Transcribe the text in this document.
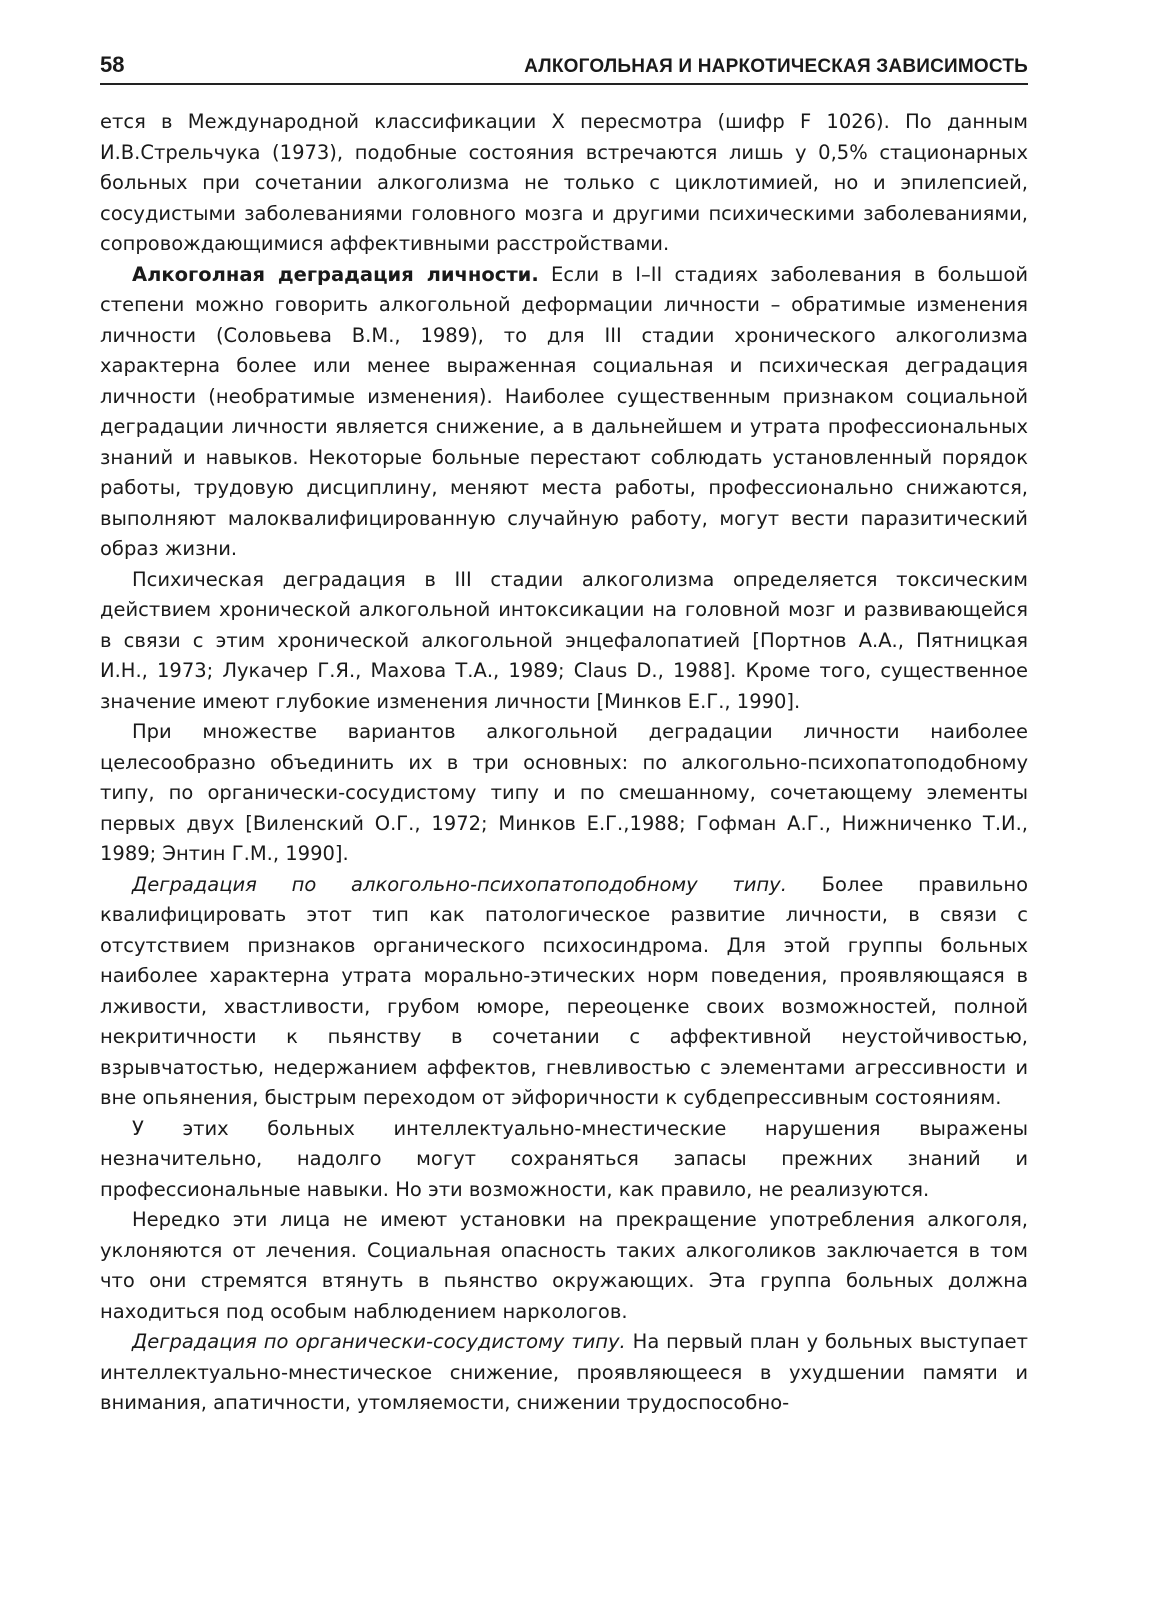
58	АЛКОГОЛЬНАЯ И НАРКОТИЧЕСКАЯ ЗАВИСИМОСТЬ

ется в Международной классификации X пересмотра (шифр F 1026). По данным И.В.Стрельчука (1973), подобные состояния встречаются лишь у 0,5% стационарных больных при сочетании алкоголизма не только с циклотимией, но и эпилепсией, сосудистыми заболеваниями головного мозга и другими психическими заболеваниями, сопровождающимися аффективными расстройствами.

Алкоголная деградация личности. Если в I–II стадиях заболевания в большой степени можно говорить алкогольной деформации личности – обратимые изменения личности (Соловьева В.М., 1989), то для III стадии хронического алкоголизма характерна более или менее выраженная социальная и психическая деградация личности (необратимые изменения). Наиболее существенным признаком социальной деградации личности является снижение, а в дальнейшем и утрата профессиональных знаний и навыков. Некоторые больные перестают соблюдать установленный порядок работы, трудовую дисциплину, меняют места работы, профессионально снижаются, выполняют малоквалифицированную случайную работу, могут вести паразитический образ жизни.

Психическая деградация в III стадии алкоголизма определяется токсическим действием хронической алкогольной интоксикации на головной мозг и развивающейся в связи с этим хронической алкогольной энцефалопатией [Портнов А.А., Пятницкая И.Н., 1973; Лукачер Г.Я., Махова Т.А., 1989; Claus D., 1988]. Кроме того, существенное значение имеют глубокие изменения личности [Минков Е.Г., 1990].

При множестве вариантов алкогольной деградации личности наиболее целесообразно объединить их в три основных: по алкогольно-психопатоподобному типу, по органически-сосудистому типу и по смешанному, сочетающему элементы первых двух [Виленский О.Г., 1972; Минков Е.Г.,1988; Гофман А.Г., Нижниченко Т.И., 1989; Энтин Г.М., 1990].

Деградация по алкогольно-психопатоподобному типу. Более правильно квалифицировать этот тип как патологическое развитие личности, в связи с отсутствием признаков органического психосиндрома. Для этой группы больных наиболее характерна утрата морально-этических норм поведения, проявляющаяся в лживости, хвастливости, грубом юморе, переоценке своих возможностей, полной некритичности к пьянству в сочетании с аффективной неустойчивостью, взрывчатостью, недержанием аффектов, гневливостью с элементами агрессивности и вне опьянения, быстрым переходом от эйфоричности к субдепрессивным состояниям.

У этих больных интеллектуально-мнестические нарушения выражены незначительно, надолго могут сохраняться запасы прежних знаний и профессиональные навыки. Но эти возможности, как правило, не реализуются.

Нередко эти лица не имеют установки на прекращение употребления алкоголя, уклоняются от лечения. Социальная опасность таких алкоголиков заключается в том что они стремятся втянуть в пьянство окружающих. Эта группа больных должна находиться под особым наблюдением наркологов.

Деградация по органически-сосудистому типу. На первый план у больных выступает интеллектуально-мнестическое снижение, проявляющееся в ухудшении памяти и внимания, апатичности, утомляемости, снижении трудоспособно-
